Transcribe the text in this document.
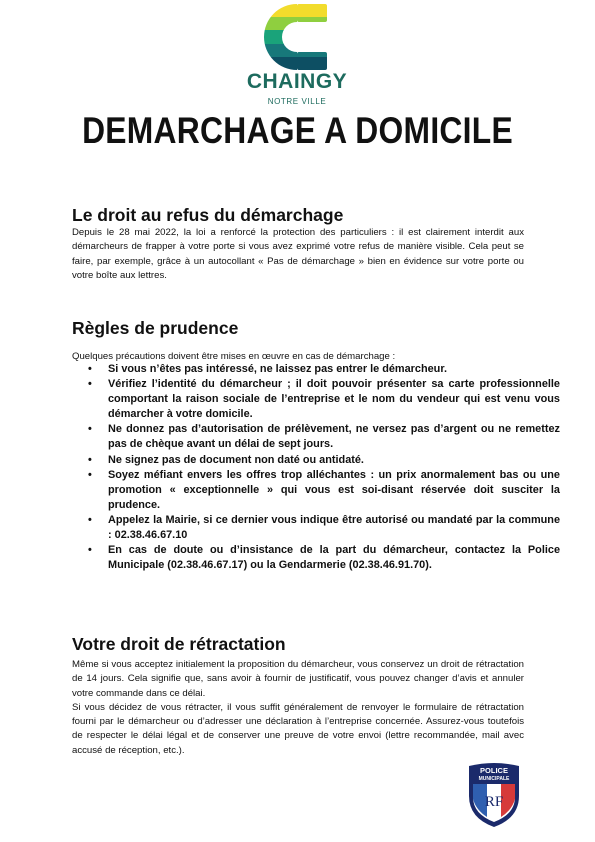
CHAINGY
NOTRE VILLE
DEMARCHAGE A DOMICILE
Le droit au refus du démarchage

Depuis le 28 mai 2022, la loi a renforcé la protection des particuliers : il est clairement interdit aux démarcheurs de frapper à votre porte si vous avez exprimé votre refus de manière visible. Cela peut se faire, par exemple, grâce à un autocollant « Pas de démarchage » bien en évidence sur votre porte ou votre boîte aux lettres.

Règles de prudence

Quelques précautions doivent être mises en œuvre en cas de démarchage :

• Si vous n’êtes pas intéressé, ne laissez pas entrer le démarcheur.
• Vérifiez l’identité du démarcheur ; il doit pouvoir présenter sa carte professionnelle comportant la raison sociale de l’entreprise et le nom du vendeur qui est venu vous démarcher à votre domicile.
• Ne donnez pas d’autorisation de prélèvement, ne versez pas d’argent ou ne remettez pas de chèque avant un délai de sept jours.
• Ne signez pas de document non daté ou antidaté.
• Soyez méfiant envers les offres trop alléchantes : un prix anormalement bas ou une promotion « exceptionnelle » qui vous est soi-disant réservée doit susciter la prudence.
• Appelez la Mairie, si ce dernier vous indique être autorisé ou mandaté par la commune : 02.38.46.67.10
• En cas de doute ou d’insistance de la part du démarcheur, contactez la Police Municipale (02.38.46.67.17) ou la Gendarmerie (02.38.46.91.70).
Votre droit de rétractation

Même si vous acceptez initialement la proposition du démarcheur, vous conservez un droit de rétractation de 14 jours. Cela signifie que, sans avoir à fournir de justificatif, vous pouvez changer d’avis et annuler votre commande dans ce délai.

Si vous décidez de vous rétracter, il vous suffit généralement de renvoyer le formulaire de rétractation fourni par le démarcheur ou d’adresser une déclaration à l’entreprise concernée. Assurez-vous toutefois de respecter le délai légal et de conserver une preuve de votre envoi (lettre recommandée, mail avec accusé de réception, etc.).

POLICE
MUNICIPALE
RF
